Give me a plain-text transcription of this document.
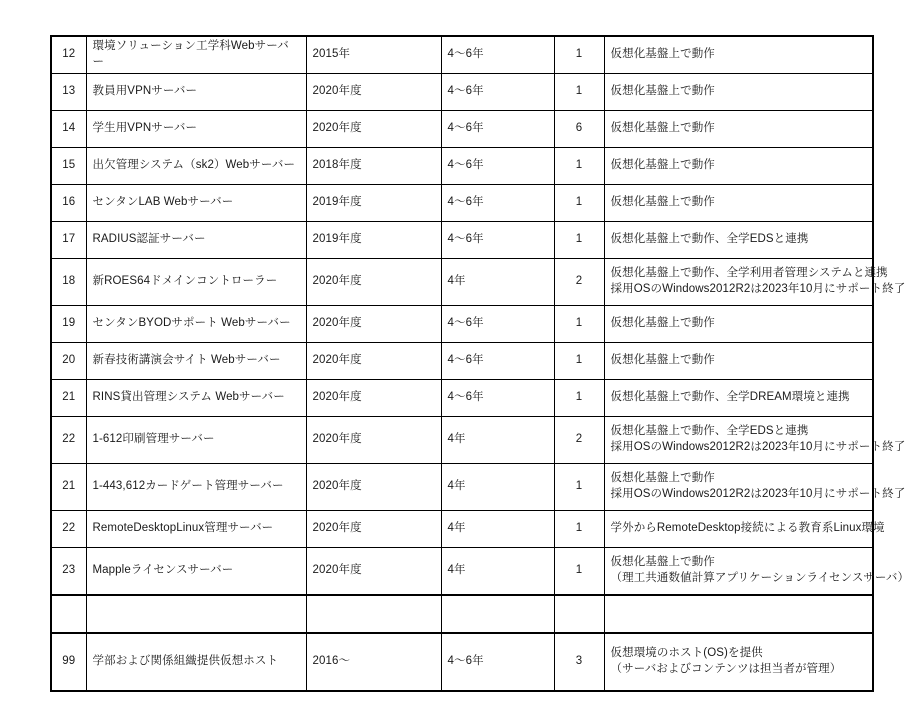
12	環境ソリューション工学科Webサーバー	2015年	4～6年	1	仮想化基盤上で動作

13	教員用VPNサーバー	2020年度	4～6年	1	仮想化基盤上で動作

14	学生用VPNサーバー	2020年度	4～6年	6	仮想化基盤上で動作

15	出欠管理システム（sk2）Webサーバー	2018年度	4～6年	1	仮想化基盤上で動作

16	センタンLAB Webサーバー	2019年度	4～6年	1	仮想化基盤上で動作

17	RADIUS認証サーバー	2019年度	4～6年	1	仮想化基盤上で動作、全学EDSと連携

18	新ROES64ドメインコントローラー	2020年度	4年	2	仮想化基盤上で動作、全学利用者管理システムと連携
採用OSのWindows2012R2は2023年10月にサポート終了

19	センタンBYODサポート Webサーバー	2020年度	4～6年	1	仮想化基盤上で動作

20	新春技術講演会サイト Webサーバー	2020年度	4～6年	1	仮想化基盤上で動作

21	RINS貸出管理システム Webサーバー	2020年度	4～6年	1	仮想化基盤上で動作、全学DREAM環境と連携

22	1-612印刷管理サーバー	2020年度	4年	2	仮想化基盤上で動作、全学EDSと連携
採用OSのWindows2012R2は2023年10月にサポート終了

21	1-443,612カードゲート管理サーバー	2020年度	4年	1	仮想化基盤上で動作
採用OSのWindows2012R2は2023年10月にサポート終了

22	RemoteDesktopLinux管理サーバー	2020年度	4年	1	学外からRemoteDesktop接続による教育系Linux環境

23	Mappleライセンスサーバー	2020年度	4年	1	仮想化基盤上で動作
（理工共通数値計算アプリケーションライセンスサーバ）

99	学部および関係組織提供仮想ホスト	2016～	4～6年	3	仮想環境のホスト(OS)を提供
（サーバおよびコンテンツは担当者が管理）
